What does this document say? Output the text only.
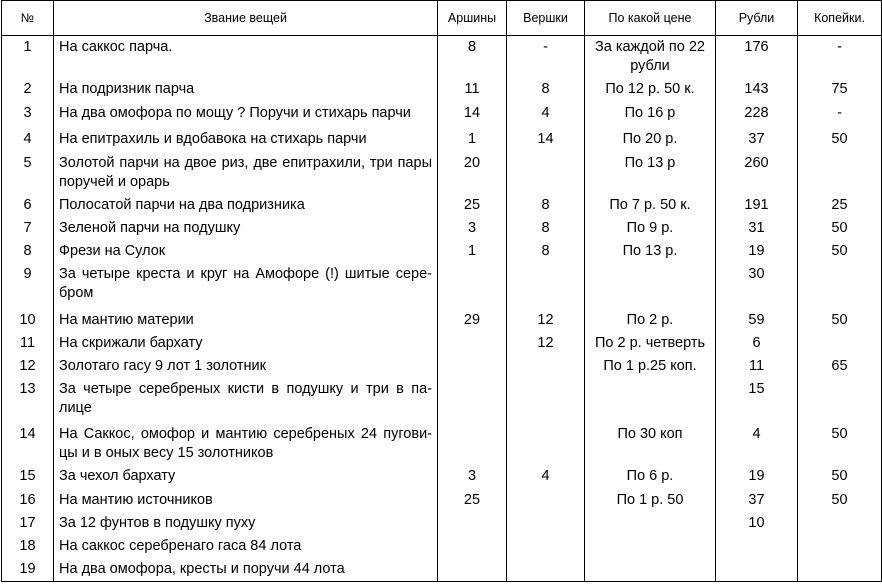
№	Звание вещей	Аршины	Вершки	По какой цене	Рубли	Копейки.
1	На саккос парча.	8	-	За каждой по 22 рубли	176	-
2	На подризник парча	11	8	По 12 р. 50 к.	143	75
3	На два омофора по мощу ? Поручи и стихарь парчи	14	4	По 16 р	228	-
4	На епитрахиль и вдобавока на стихарь парчи	1	14	По 20 р.	37	50
5	Золотой парчи на двое риз, две епитрахили, три пары поручей и орарь	20		По 13 р	260	
6	Полосатой парчи на два подризника	25	8	По 7 р. 50 к.	191	25
7	Зеленой парчи на подушку	3	8	По 9 р.	31	50
8	Фрези на Сулок	1	8	По 13 р.	19	50
9	За четыре креста и круг на Амофоре (!) шитые сере-бром				30	
10	На мантию материи	29	12	По 2 р.	59	50
11	На скрижали бархату		12	По 2 р. четверть	6	
12	Золотаго гасу 9 лот 1 золотник			По 1 р.25 коп.	11	65
13	За четыре серебреных кисти в подушку и три в па-лице				15	
14	На Саккос, омофор и мантию серебреных 24 пугови-цы и в оных весу 15 золотников			По 30 коп	4	50
15	За чехол бархату	3	4	По 6 р.	19	50
16	На мантию источников	25		По 1 р. 50	37	50
17	За 12 фунтов в подушку пуху				10	
18	На саккос серебренаго гаса 84 лота					
19	На два омофора, кресты и поручи 44 лота					
